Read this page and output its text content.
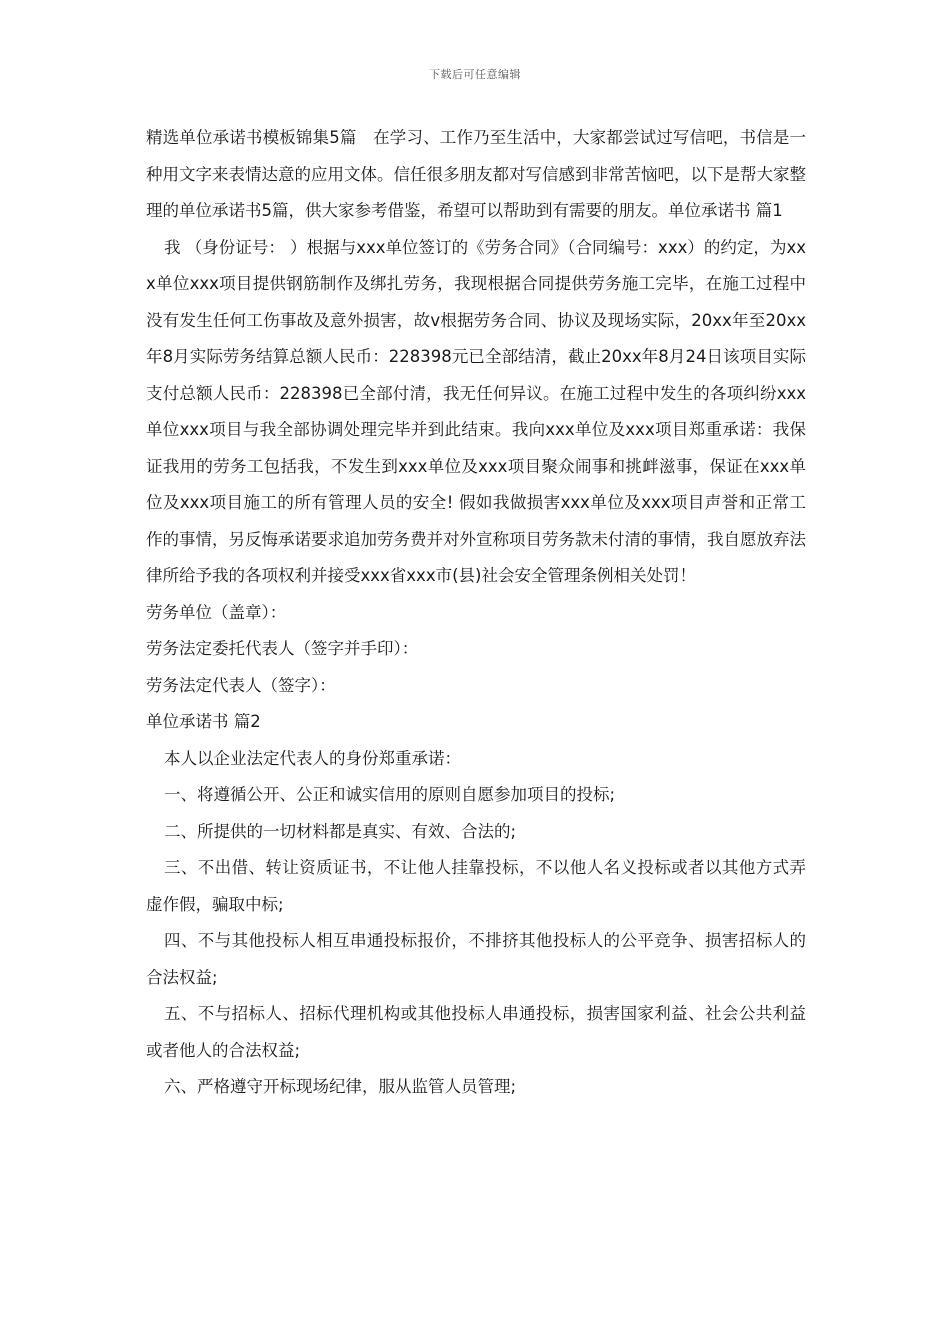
下载后可任意编辑

精选单位承诺书模板锦集5篇　在学习、工作乃至生活中，大家都尝试过写信吧，书信是一种用文字来表情达意的应用文体。信任很多朋友都对写信感到非常苦恼吧，以下是帮大家整理的单位承诺书5篇，供大家参考借鉴，希望可以帮助到有需要的朋友。单位承诺书 篇1

我 （身份证号： ）根据与xxx单位签订的《劳务合同》（合同编号：xxx）的约定，为xxx单位xxx项目提供钢筋制作及绑扎劳务，我现根据合同提供劳务施工完毕，在施工过程中没有发生任何工伤事故及意外损害，故v根据劳务合同、协议及现场实际，20xx年至20xx年8月实际劳务结算总额人民币：228398元已全部结清，截止20xx年8月24日该项目实际支付总额人民币：228398已全部付清，我无任何异议。在施工过程中发生的各项纠纷xxx单位xxx项目与我全部协调处理完毕并到此结束。我向xxx单位及xxx项目郑重承诺：我保证我用的劳务工包括我，不发生到xxx单位及xxx项目聚众闹事和挑衅滋事，保证在xxx单位及xxx项目施工的所有管理人员的安全! 假如我做损害xxx单位及xxx项目声誉和正常工作的事情，另反悔承诺要求追加劳务费并对外宣称项目劳务款未付清的事情，我自愿放弃法律所给予我的各项权利并接受xxx省xxx市(县)社会安全管理条例相关处罚！

劳务单位（盖章）：

劳务法定委托代表人（签字并手印）：

劳务法定代表人（签字）：

单位承诺书 篇2

本人以企业法定代表人的身份郑重承诺：

一、将遵循公开、公正和诚实信用的原则自愿参加项目的投标;

二、所提供的一切材料都是真实、有效、合法的;

三、不出借、转让资质证书，不让他人挂靠投标，不以他人名义投标或者以其他方式弄虚作假，骗取中标;

四、不与其他投标人相互串通投标报价，不排挤其他投标人的公平竞争、损害招标人的合法权益;

五、不与招标人、招标代理机构或其他投标人串通投标，损害国家利益、社会公共利益或者他人的合法权益;

六、严格遵守开标现场纪律，服从监管人员管理;
